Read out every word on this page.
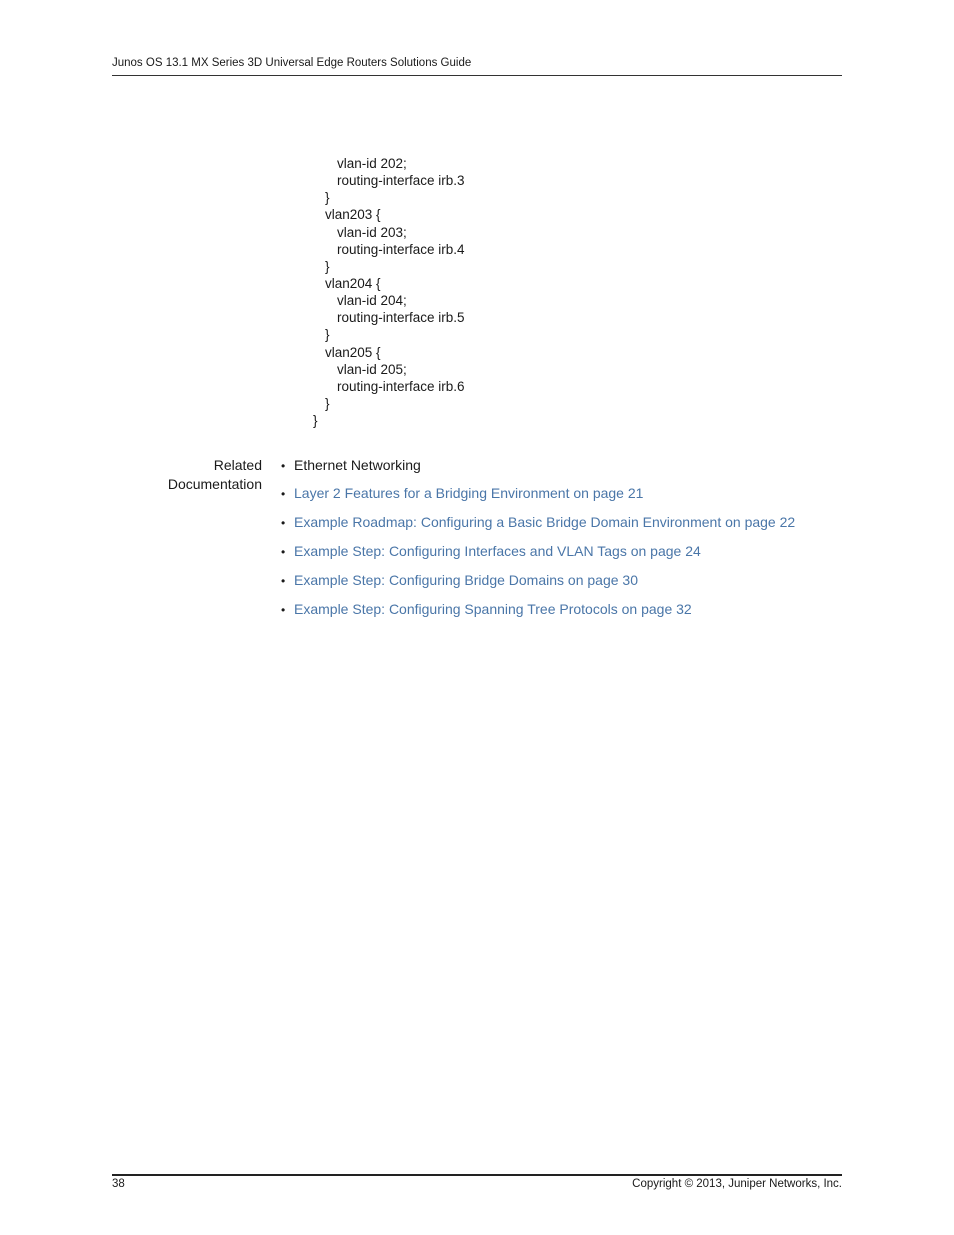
Junos OS 13.1 MX Series 3D Universal Edge Routers Solutions Guide
vlan-id 202;
routing-interface irb.3
}
vlan203 {
vlan-id 203;
routing-interface irb.4
}
vlan204 {
vlan-id 204;
routing-interface irb.5
}
vlan205 {
vlan-id 205;
routing-interface irb.6
}
}
Related
Documentation
• Ethernet Networking
• Layer 2 Features for a Bridging Environment on page 21
• Example Roadmap: Configuring a Basic Bridge Domain Environment on page 22
• Example Step: Configuring Interfaces and VLAN Tags on page 24
• Example Step: Configuring Bridge Domains on page 30
• Example Step: Configuring Spanning Tree Protocols on page 32
38	Copyright © 2013, Juniper Networks, Inc.
